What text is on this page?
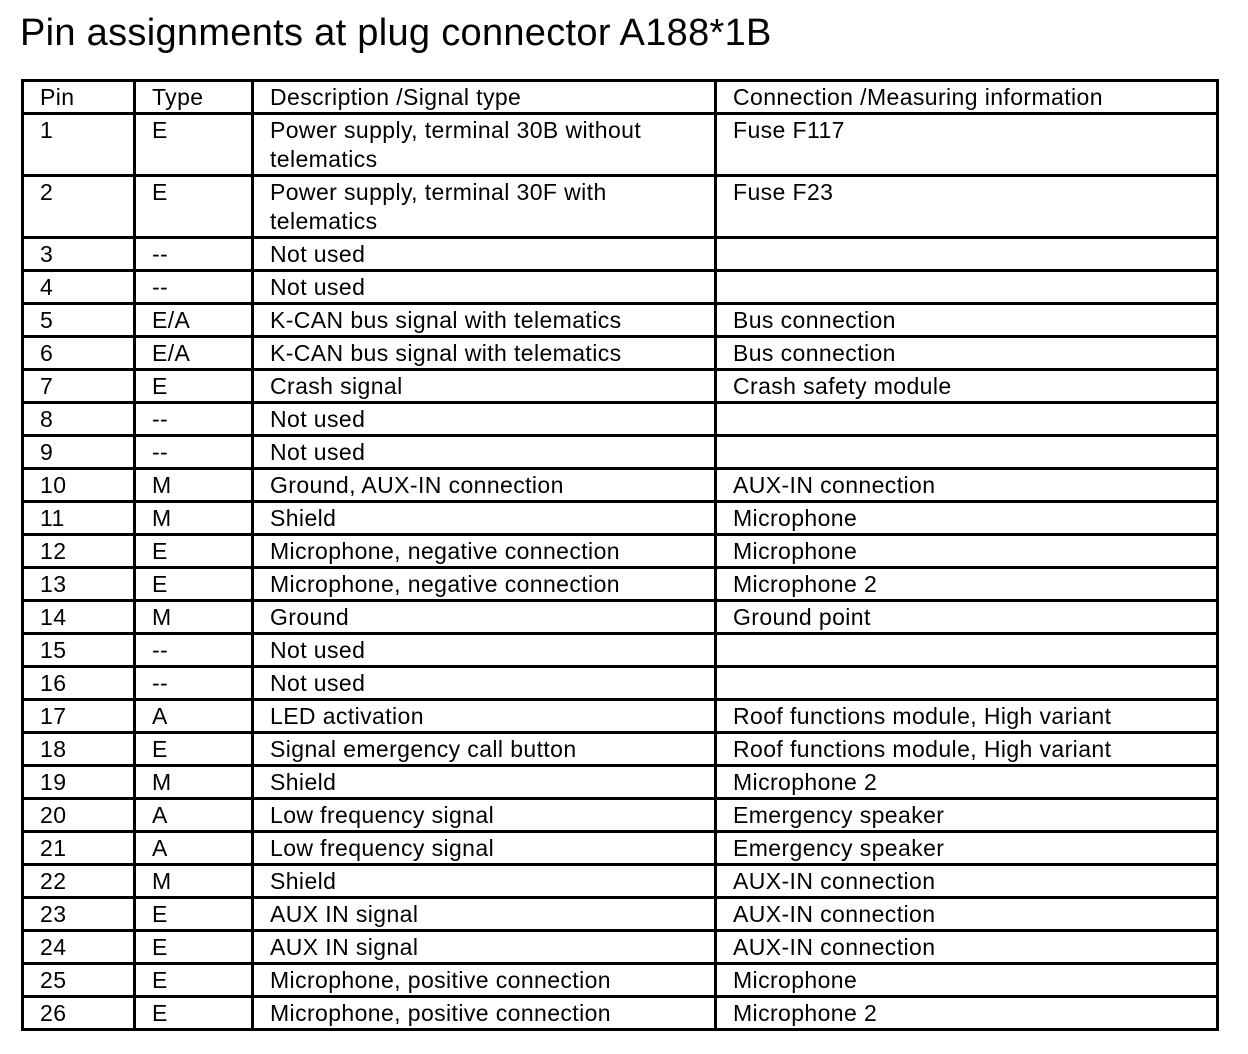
Pin assignments at plug connector A188*1B
Pin	Type	Description /Signal type	Connection /Measuring information
1	E	Power supply, terminal 30B without telematics	Fuse F117
2	E	Power supply, terminal 30F with telematics	Fuse F23
3	--	Not used	
4	--	Not used	
5	E/A	K-CAN bus signal with telematics	Bus connection
6	E/A	K-CAN bus signal with telematics	Bus connection
7	E	Crash signal	Crash safety module
8	--	Not used	
9	--	Not used	
10	M	Ground, AUX-IN connection	AUX-IN connection
11	M	Shield	Microphone
12	E	Microphone, negative connection	Microphone
13	E	Microphone, negative connection	Microphone 2
14	M	Ground	Ground point
15	--	Not used	
16	--	Not used	
17	A	LED activation	Roof functions module, High variant
18	E	Signal emergency call button	Roof functions module, High variant
19	M	Shield	Microphone 2
20	A	Low frequency signal	Emergency speaker
21	A	Low frequency signal	Emergency speaker
22	M	Shield	AUX-IN connection
23	E	AUX IN signal	AUX-IN connection
24	E	AUX IN signal	AUX-IN connection
25	E	Microphone, positive connection	Microphone
26	E	Microphone, positive connection	Microphone 2
